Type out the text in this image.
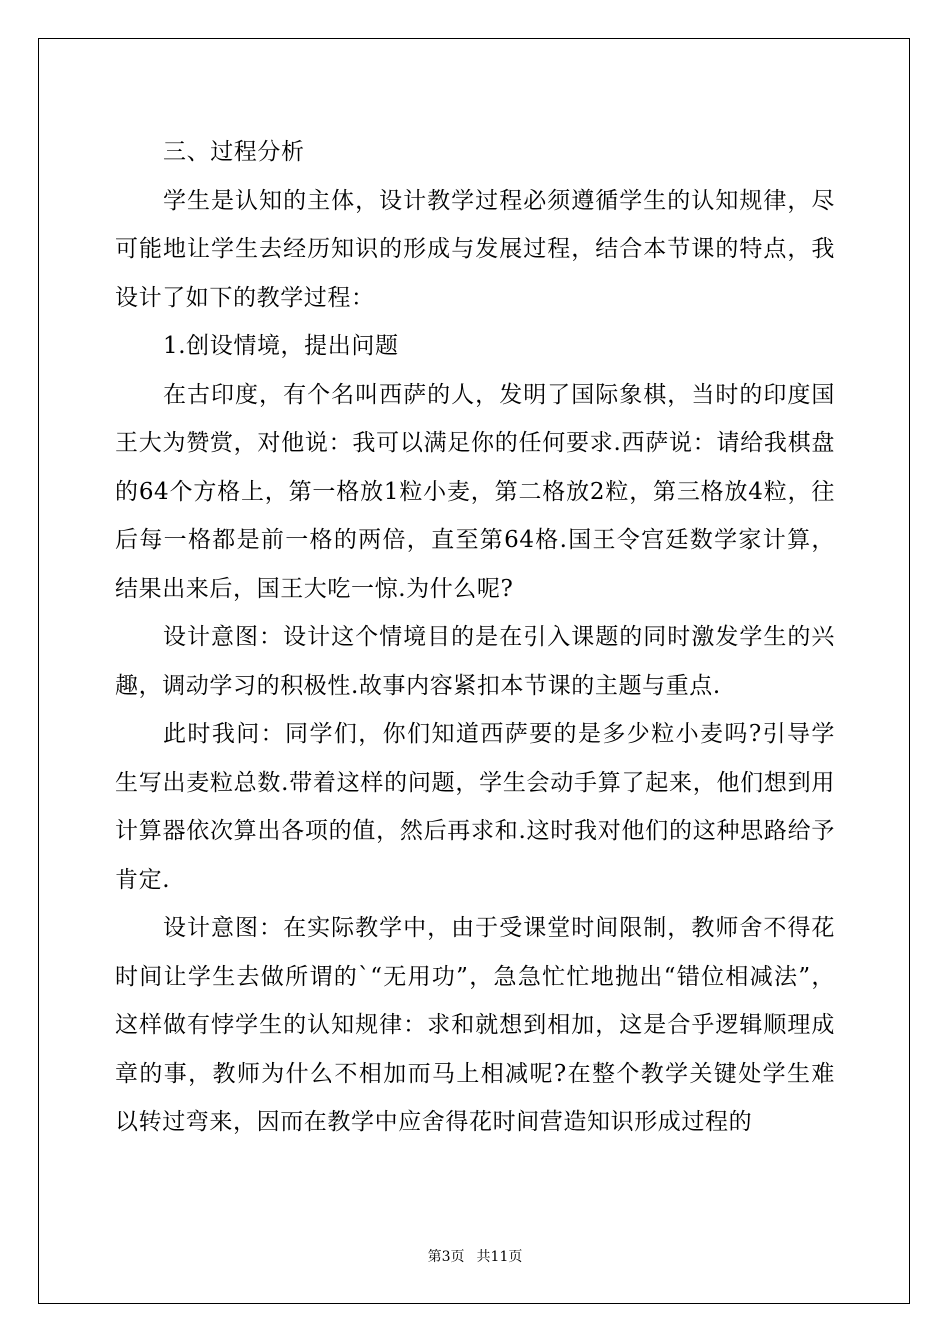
三、过程分析

学生是认知的主体，设计教学过程必须遵循学生的认知规律，尽可能地让学生去经历知识的形成与发展过程，结合本节课的特点，我设计了如下的教学过程：

1.创设情境，提出问题

在古印度，有个名叫西萨的人，发明了国际象棋，当时的印度国王大为赞赏，对他说：我可以满足你的任何要求.西萨说：请给我棋盘的64个方格上，第一格放1粒小麦，第二格放2粒，第三格放4粒，往后每一格都是前一格的两倍，直至第64格.国王令宫廷数学家计算，结果出来后，国王大吃一惊.为什么呢?

设计意图：设计这个情境目的是在引入课题的同时激发学生的兴趣，调动学习的积极性.故事内容紧扣本节课的主题与重点.

此时我问：同学们，你们知道西萨要的是多少粒小麦吗?引导学生写出麦粒总数.带着这样的问题，学生会动手算了起来，他们想到用计算器依次算出各项的值，然后再求和.这时我对他们的这种思路给予肯定.

设计意图：在实际教学中，由于受课堂时间限制，教师舍不得花时间让学生去做所谓的`“无用功”，急急忙忙地抛出“错位相减法”，这样做有悖学生的认知规律：求和就想到相加，这是合乎逻辑顺理成章的事，教师为什么不相加而马上相减呢?在整个教学关键处学生难以转过弯来，因而在教学中应舍得花时间营造知识形成过程的

第3页 共11页
